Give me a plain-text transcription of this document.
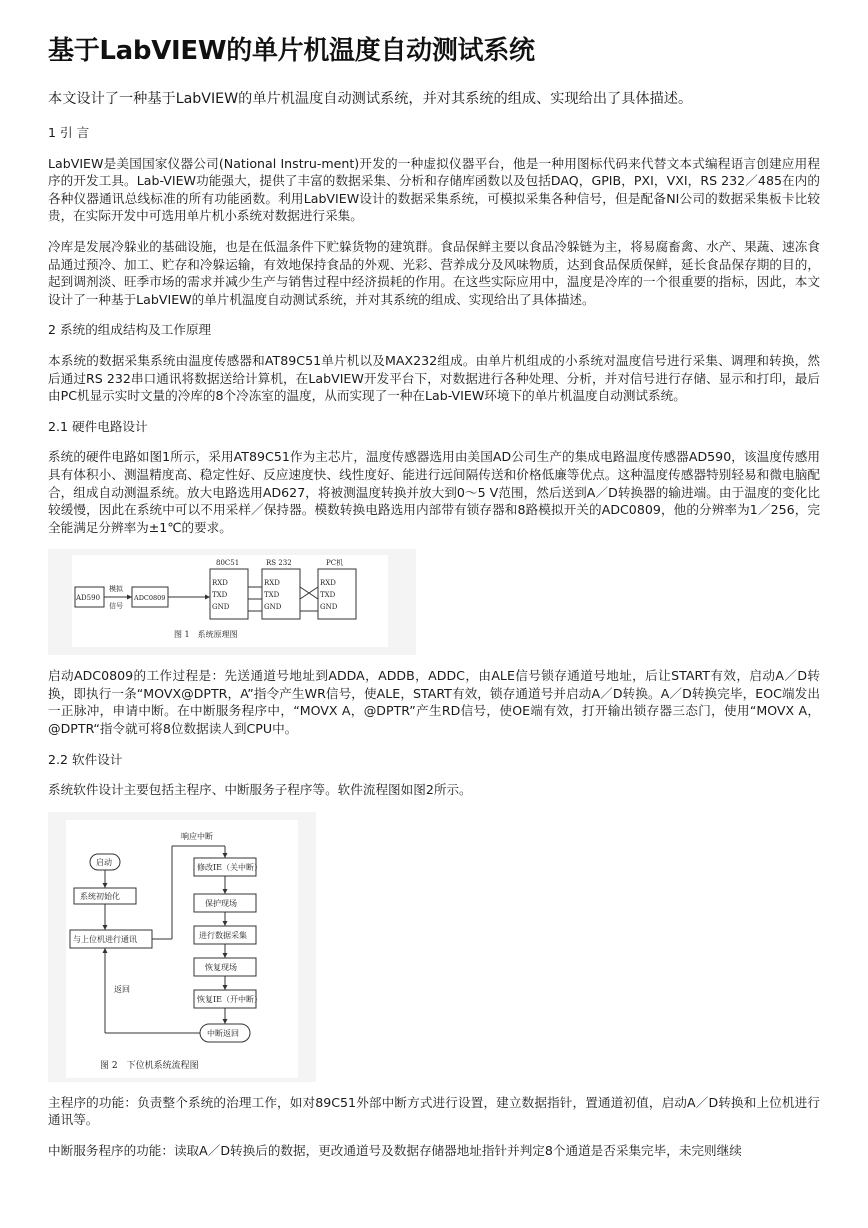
基于LabVIEW的单片机温度自动测试系统
本文设计了一种基于LabVIEW的单片机温度自动测试系统，并对其系统的组成、实现给出了具体描述。
1 引 言

LabVIEW是美国国家仪器公司(National Instru-ment)开发的一种虚拟仪器平台，他是一种用图标代码来代替文本式编程语言创建应用程序的开发工具。Lab-VIEW功能强大，提供了丰富的数据采集、分析和存储库函数以及包括DAQ，GPIB，PXI，VXI，RS 232／485在内的各种仪器通讯总线标准的所有功能函数。利用LabVIEW设计的数据采集系统，可模拟采集各种信号，但是配备NI公司的数据采集板卡比较贵，在实际开发中可选用单片机小系统对数据进行采集。

冷库是发展冷躲业的基础设施，也是在低温条件下贮躲货物的建筑群。食品保鲜主要以食品冷躲链为主，将易腐畜禽、水产、果蔬、速冻食品通过预冷、加工、贮存和冷躲运输，有效地保持食品的外观、光彩、营养成分及风味物质，达到食品保质保鲜，延长食品保存期的目的，起到调剂淡、旺季市场的需求并减少生产与销售过程中经济损耗的作用。在这些实际应用中，温度是冷库的一个很重要的指标，因此，本文设计了一种基于LabVIEW的单片机温度自动测试系统，并对其系统的组成、实现给出了具体描述。

2 系统的组成结构及工作原理

本系统的数据采集系统由温度传感器和AT89C51单片机以及MAX232组成。由单片机组成的小系统对温度信号进行采集、调理和转换，然后通过RS 232串口通讯将数据送给计算机，在LabVIEW开发平台下，对数据进行各种处理、分析，并对信号进行存储、显示和打印，最后由PC机显示实时文量的冷库的8个冷冻室的温度，从而实现了一种在Lab-VIEW环境下的单片机温度自动测试系统。

2.1 硬件电路设计

系统的硬件电路如图1所示，采用AT89C51作为主芯片，温度传感器选用由美国AD公司生产的集成电路温度传感器AD590，该温度传感用具有体积小、测温精度高、稳定性好、反应速度快、线性度好、能进行远间隔传送和价格低廉等优点。这种温度传感器特别轻易和微电脑配合，组成自动测温系统。放大电路选用AD627，将被测温度转换并放大到0～5 V范围，然后送到A／D转换器的输进端。由于温度的变化比较缓慢，因此在系统中可以不用采样／保持器。模数转换电路选用内部带有锁存器和8路模拟开关的ADC0809，他的分辨率为1／256，完全能满足分辨率为±1℃的要求。

AD590
模拟
信号
ADC0809
80C51	RS 232	PC机
RXD
TXD
GND
RXD
TXD
GND
RXD
TXD
GND
图 1　系统原理图

启动ADC0809的工作过程是：先送通道号地址到ADDA，ADDB，ADDC，由ALE信号锁存通道号地址，后让START有效，启动A／D转换，即执行一条“MOVX@DPTR，A”指令产生WR信号，使ALE，START有效，锁存通道号并启动A／D转换。A／D转换完毕，EOC端发出一正脉冲，申请中断。在中断服务程序中，“MOVX A，@DPTR”产生RD信号，使OE端有效，打开输出锁存器三态门，使用“MOVX A，@DPTR“指令就可将8位数据读人到CPU中。

2.2 软件设计

系统软件设计主要包括主程序、中断服务子程序等。软件流程图如图2所示。

启动
系统初始化
与上位机进行通讯
返回
响应中断
修改IE（关中断）
保护现场
进行数据采集
恢复现场
恢复IE（开中断）
中断返回
图 2　下位机系统流程图

主程序的功能：负责整个系统的治理工作，如对89C51外部中断方式进行设置，建立数据指针，置通道初值，启动A／D转换和上位机进行通讯等。

中断服务程序的功能：读取A／D转换后的数据，更改通道号及数据存储器地址指针并判定8个通道是否采集完毕，未完则继续
